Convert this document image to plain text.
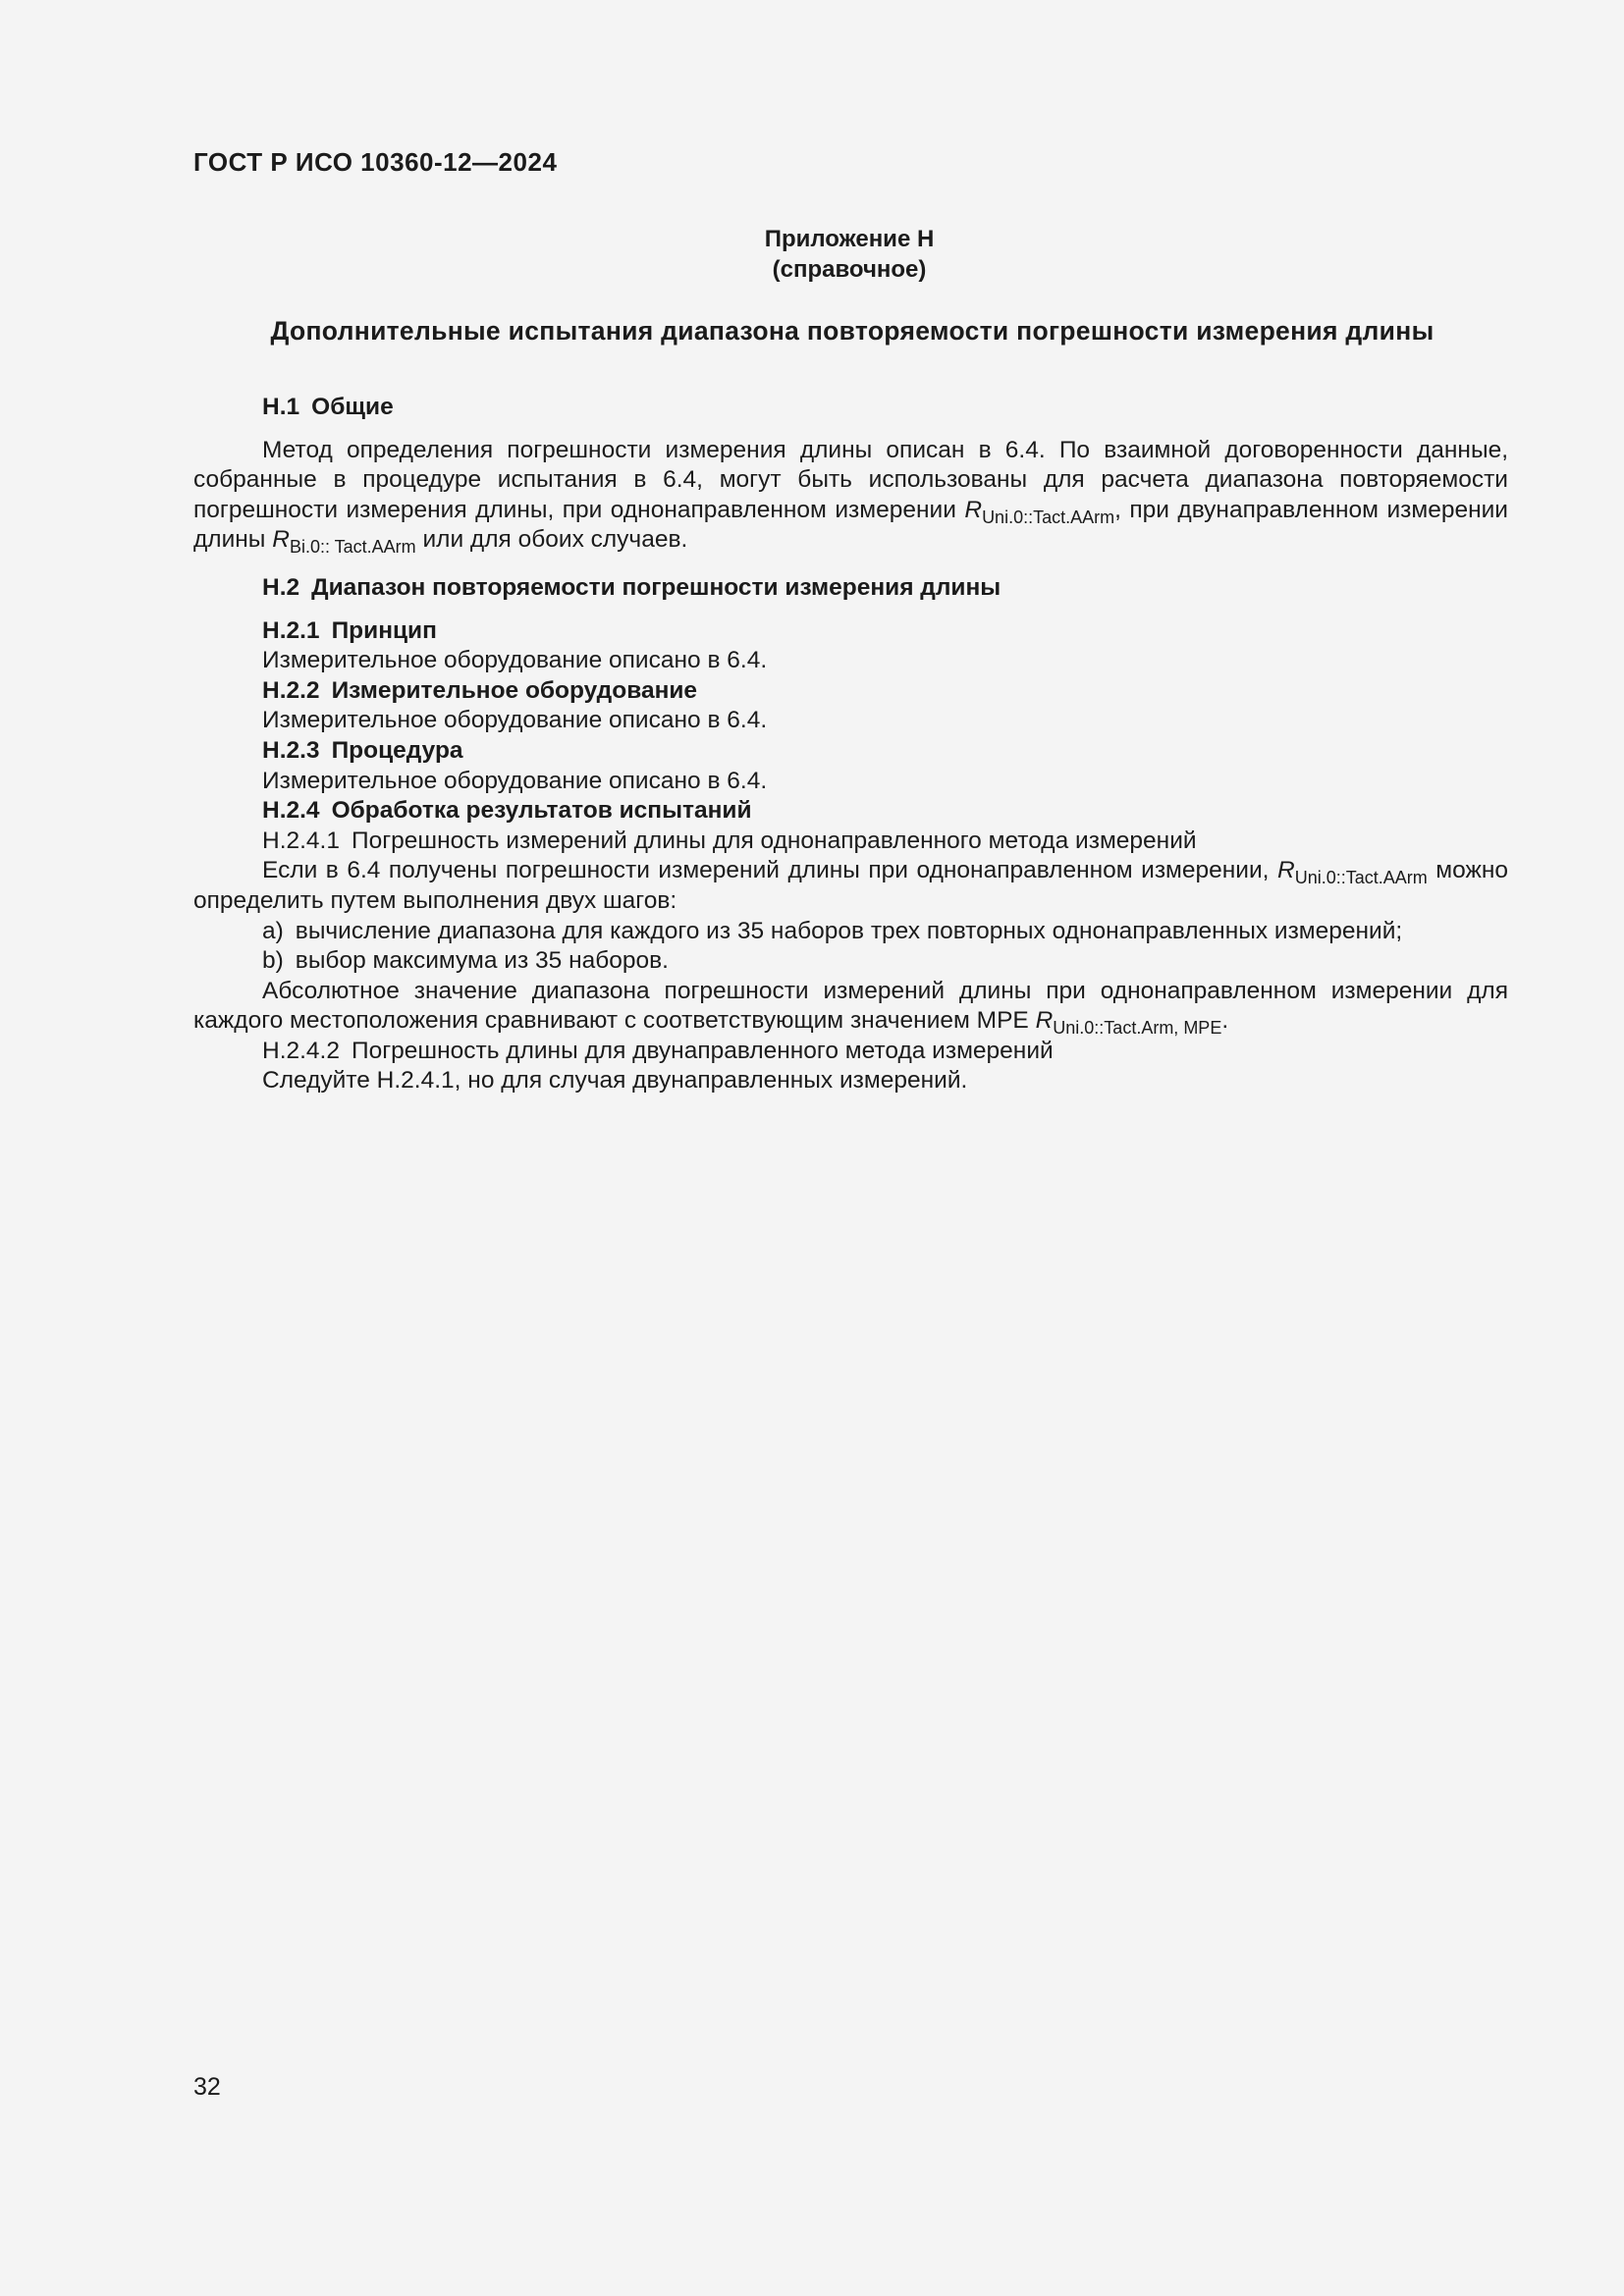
ГОСТ Р ИСО 10360-12—2024
Приложение H
(справочное)
Дополнительные испытания диапазона повторяемости погрешности измерения длины

H.1 Общие

Метод определения погрешности измерения длины описан в 6.4. По взаимной договоренности данные, собранные в процедуре испытания в 6.4, могут быть использованы для расчета диапазона повторяемости погрешности измерения длины, при однонаправленном измерении $R_{Uni.0::Tact.AArm}$, при двунаправленном измерении длины $R_{Bi.0:: Tact.AArm}$ или для обоих случаев.

H.2 Диапазон повторяемости погрешности измерения длины

H.2.1 Принцип

Измерительное оборудование описано в 6.4.

H.2.2 Измерительное оборудование

Измерительное оборудование описано в 6.4.

H.2.3 Процедура

Измерительное оборудование описано в 6.4.

H.2.4 Обработка результатов испытаний

H.2.4.1 Погрешность измерений длины для однонаправленного метода измерений

Если в 6.4 получены погрешности измерений длины при однонаправленном измерении, $R_{Uni.0::Tact.AArm}$ можно определить путем выполнения двух шагов:

a) вычисление диапазона для каждого из 35 наборов трех повторных однонаправленных измерений;

b) выбор максимума из 35 наборов.

Абсолютное значение диапазона погрешности измерений длины при однонаправленном измерении для каждого местоположения сравнивают с соответствующим значением MPE $R_{Uni.0::Tact.Arm, MPE}$.

H.2.4.2 Погрешность длины для двунаправленного метода измерений

Следуйте H.2.4.1, но для случая двунаправленных измерений.

32
